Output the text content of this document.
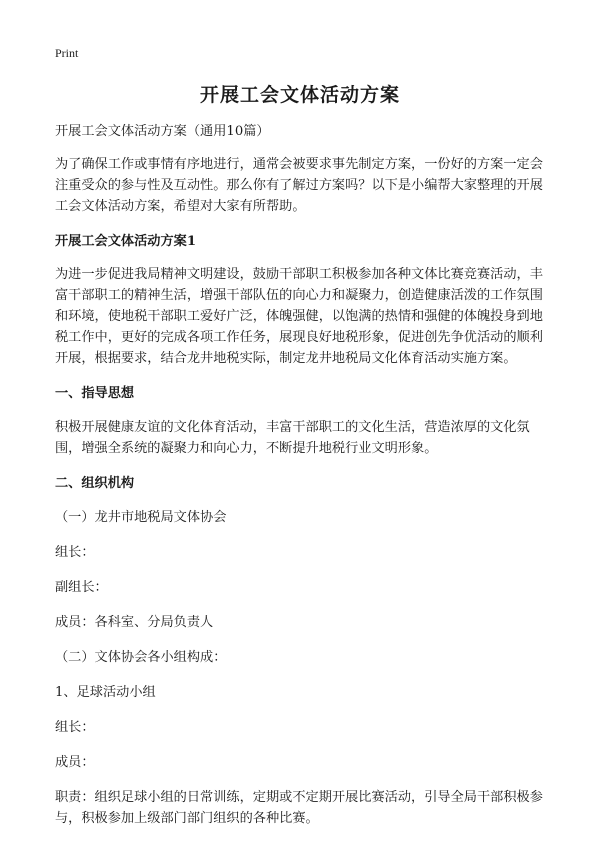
Print
开展工会文体活动方案

开展工会文体活动方案（通用10篇）

为了确保工作或事情有序地进行，通常会被要求事先制定方案，一份好的方案一定会注重受众的参与性及互动性。那么你有了解过方案吗？以下是小编帮大家整理的开展工会文体活动方案，希望对大家有所帮助。

开展工会文体活动方案1

为进一步促进我局精神文明建设，鼓励干部职工积极参加各种文体比赛竞赛活动，丰富干部职工的精神生活，增强干部队伍的向心力和凝聚力，创造健康活泼的工作氛围和环境，使地税干部职工爱好广泛，体魄强健，以饱满的热情和强健的体魄投身到地税工作中，更好的完成各项工作任务，展现良好地税形象，促进创先争优活动的顺利开展，根据要求，结合龙井地税实际，制定龙井地税局文化体育活动实施方案。

一、指导思想

积极开展健康友谊的文化体育活动，丰富干部职工的文化生活，营造浓厚的文化氛围，增强全系统的凝聚力和向心力，不断提升地税行业文明形象。

二、组织机构

（一）龙井市地税局文体协会

组长：

副组长：

成员：各科室、分局负责人

（二）文体协会各小组构成：

1、足球活动小组

组长：

成员：

职责：组织足球小组的日常训练，定期或不定期开展比赛活动，引导全局干部积极参与，积极参加上级部门部门组织的各种比赛。
